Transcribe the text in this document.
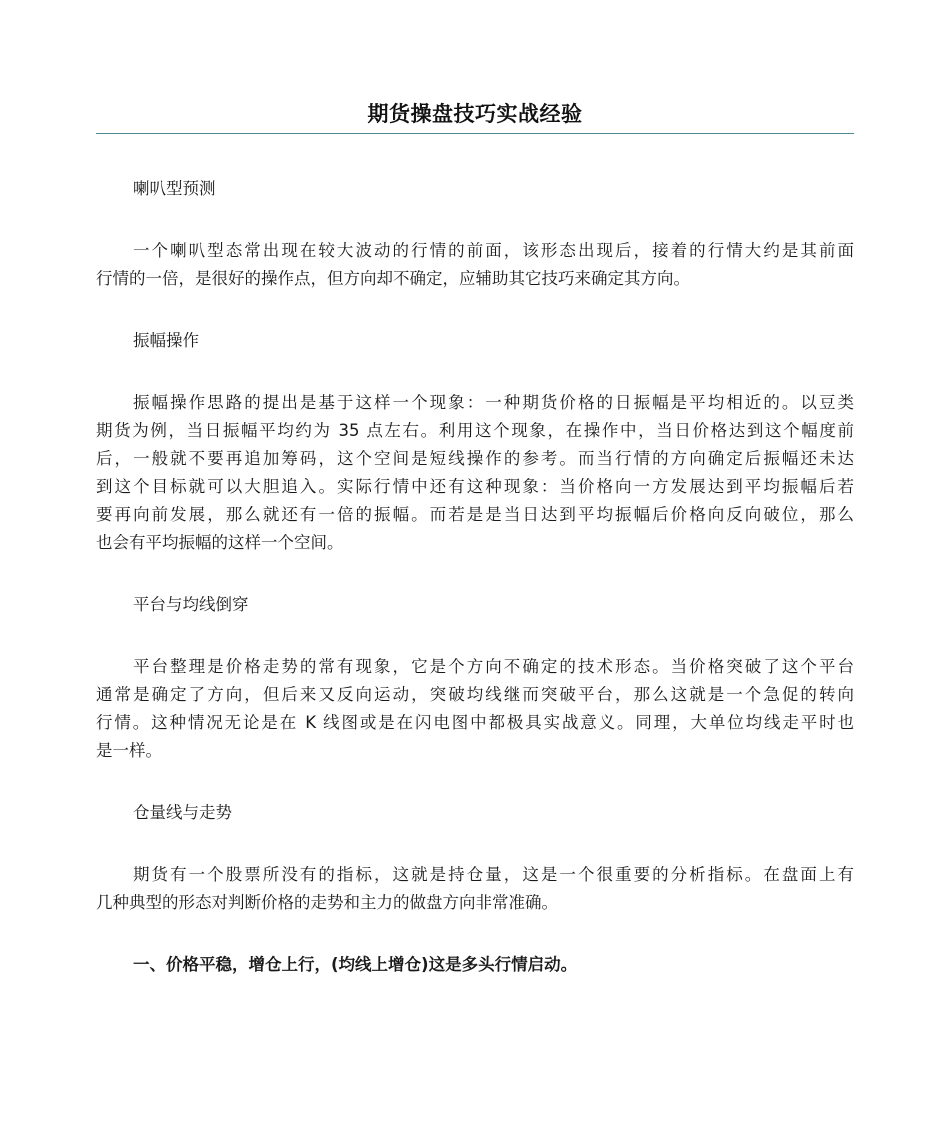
期货操盘技巧实战经验

喇叭型预测

一个喇叭型态常出现在较大波动的行情的前面，该形态出现后，接着的行情大约是其前面
行情的一倍，是很好的操作点，但方向却不确定，应辅助其它技巧来确定其方向。

振幅操作

振幅操作思路的提出是基于这样一个现象：一种期货价格的日振幅是平均相近的。以豆类
期货为例，当日振幅平均约为 35 点左右。利用这个现象，在操作中，当日价格达到这个幅度前
后，一般就不要再追加筹码，这个空间是短线操作的参考。而当行情的方向确定后振幅还未达
到这个目标就可以大胆追入。实际行情中还有这种现象：当价格向一方发展达到平均振幅后若
要再向前发展，那么就还有一倍的振幅。而若是是当日达到平均振幅后价格向反向破位，那么
也会有平均振幅的这样一个空间。

平台与均线倒穿

平台整理是价格走势的常有现象，它是个方向不确定的技术形态。当价格突破了这个平台
通常是确定了方向，但后来又反向运动，突破均线继而突破平台，那么这就是一个急促的转向
行情。这种情况无论是在 K 线图或是在闪电图中都极具实战意义。同理，大单位均线走平时也
是一样。

仓量线与走势

期货有一个股票所没有的指标，这就是持仓量，这是一个很重要的分析指标。在盘面上有
几种典型的形态对判断价格的走势和主力的做盘方向非常准确。

一、价格平稳，增仓上行，(均线上增仓)这是多头行情启动。
